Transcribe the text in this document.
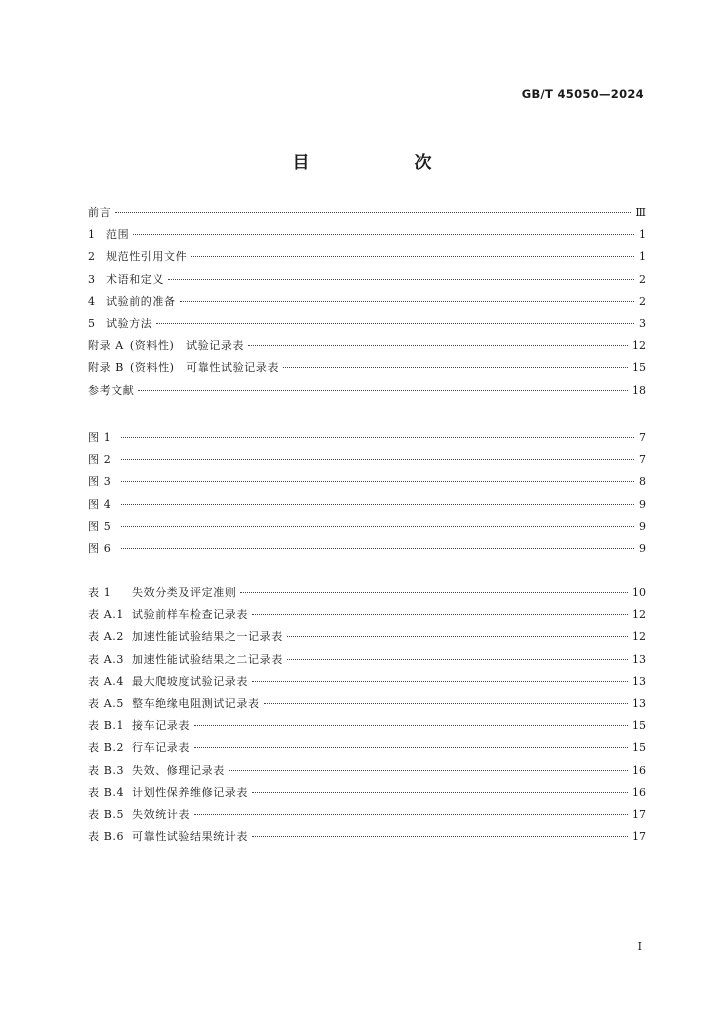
GB/T 45050—2024
目　次
前言	Ⅲ
1 范围	1
2 规范性引用文件	1
3 术语和定义	2
4 试验前的准备	2
5 试验方法	3
附录 A (资料性)　试验记录表	12
附录 B (资料性)　可靠性试验记录表	15
参考文献	18
图 1	7
图 2	7
图 3	8
图 4	9
图 5	9
图 6	9
表 1 失效分类及评定准则	10
表 A.1 试验前样车检查记录表	12
表 A.2 加速性能试验结果之一记录表	12
表 A.3 加速性能试验结果之二记录表	13
表 A.4 最大爬坡度试验记录表	13
表 A.5 整车绝缘电阻测试记录表	13
表 B.1 接车记录表	15
表 B.2 行车记录表	15
表 B.3 失效、修理记录表	16
表 B.4 计划性保养维修记录表	16
表 B.5 失效统计表	17
表 B.6 可靠性试验结果统计表	17
I
